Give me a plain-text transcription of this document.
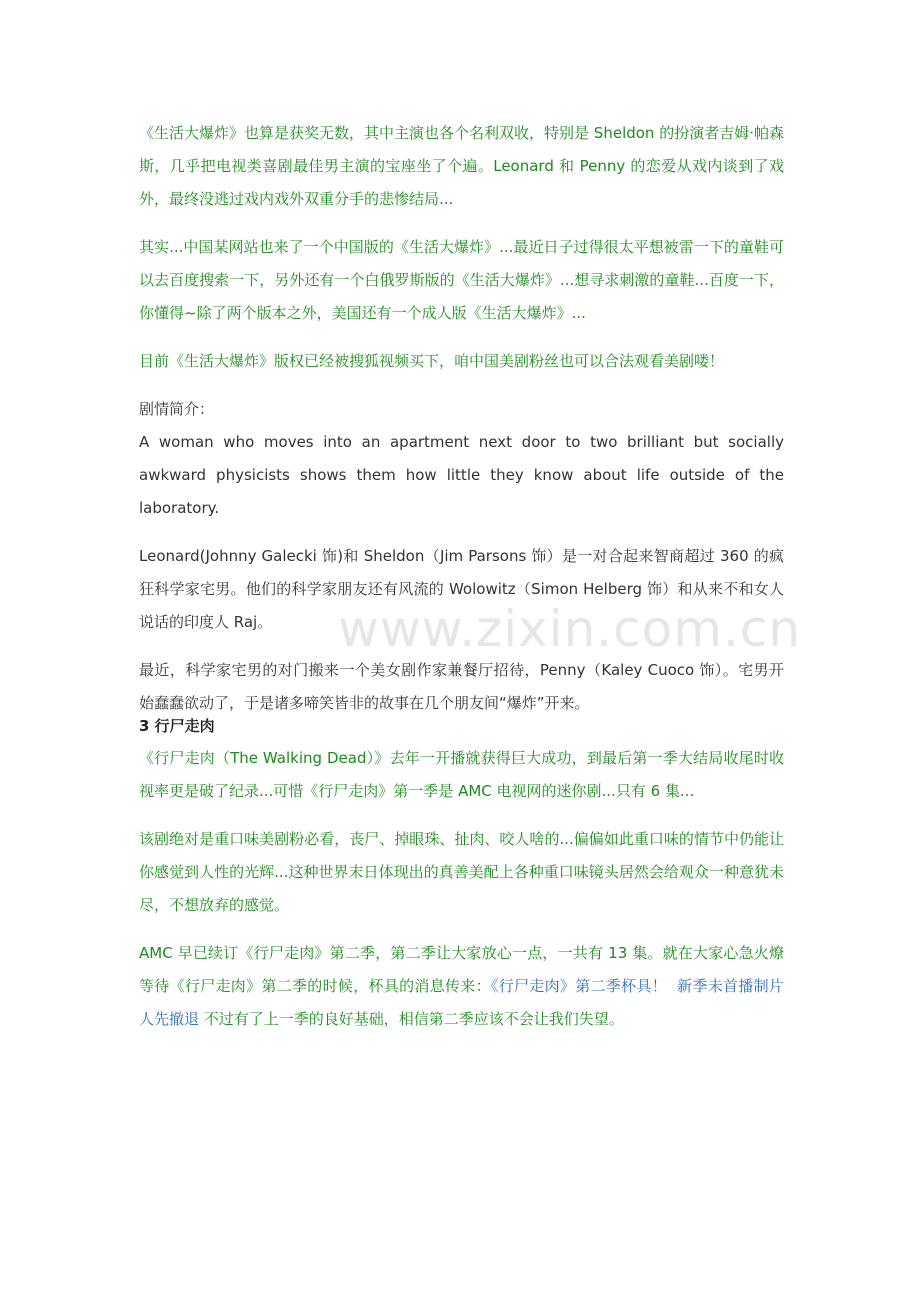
www.zixin.com.cn

《生活大爆炸》也算是获奖无数，其中主演也各个名利双收，特别是 Sheldon 的扮演者吉姆·帕森斯，几乎把电视类喜剧最佳男主演的宝座坐了个遍。Leonard 和 Penny 的恋爱从戏内谈到了戏外，最终没逃过戏内戏外双重分手的悲惨结局...

其实...中国某网站也来了一个中国版的《生活大爆炸》...最近日子过得很太平想被雷一下的童鞋可以去百度搜索一下，另外还有一个白俄罗斯版的《生活大爆炸》...想寻求刺激的童鞋...百度一下，你懂得~除了两个版本之外，美国还有一个成人版《生活大爆炸》...

目前《生活大爆炸》版权已经被搜狐视频买下，咱中国美剧粉丝也可以合法观看美剧喽！

剧情简介：

A woman who moves into an apartment next door to two brilliant but socially awkward physicists shows them how little they know about life outside of the laboratory.

Leonard(Johnny Galecki 饰)和 Sheldon（Jim Parsons 饰）是一对合起来智商超过 360 的疯狂科学家宅男。他们的科学家朋友还有风流的 Wolowitz（Simon Helberg 饰）和从来不和女人说话的印度人 Raj。

最近，科学家宅男的对门搬来一个美女剧作家兼餐厅招待，Penny（Kaley Cuoco 饰）。宅男开始蠢蠢欲动了，于是诸多啼笑皆非的故事在几个朋友间“爆炸”开来。

3 行尸走肉

《行尸走肉（The Walking Dead）》去年一开播就获得巨大成功，到最后第一季大结局收尾时收视率更是破了纪录...可惜《行尸走肉》第一季是 AMC 电视网的迷你剧...只有 6 集...

该剧绝对是重口味美剧粉必看，丧尸、掉眼珠、扯肉、咬人啥的...偏偏如此重口味的情节中仍能让你感觉到人性的光辉...这种世界末日体现出的真善美配上各种重口味镜头居然会给观众一种意犹未尽，不想放弃的感觉。

AMC 早已续订《行尸走肉》第二季，第二季让大家放心一点，一共有 13 集。就在大家心急火燎等待《行尸走肉》第二季的时候，杯具的消息传来：《行尸走肉》第二季杯具！ 新季未首播制片人先撤退 不过有了上一季的良好基础，相信第二季应该不会让我们失望。
